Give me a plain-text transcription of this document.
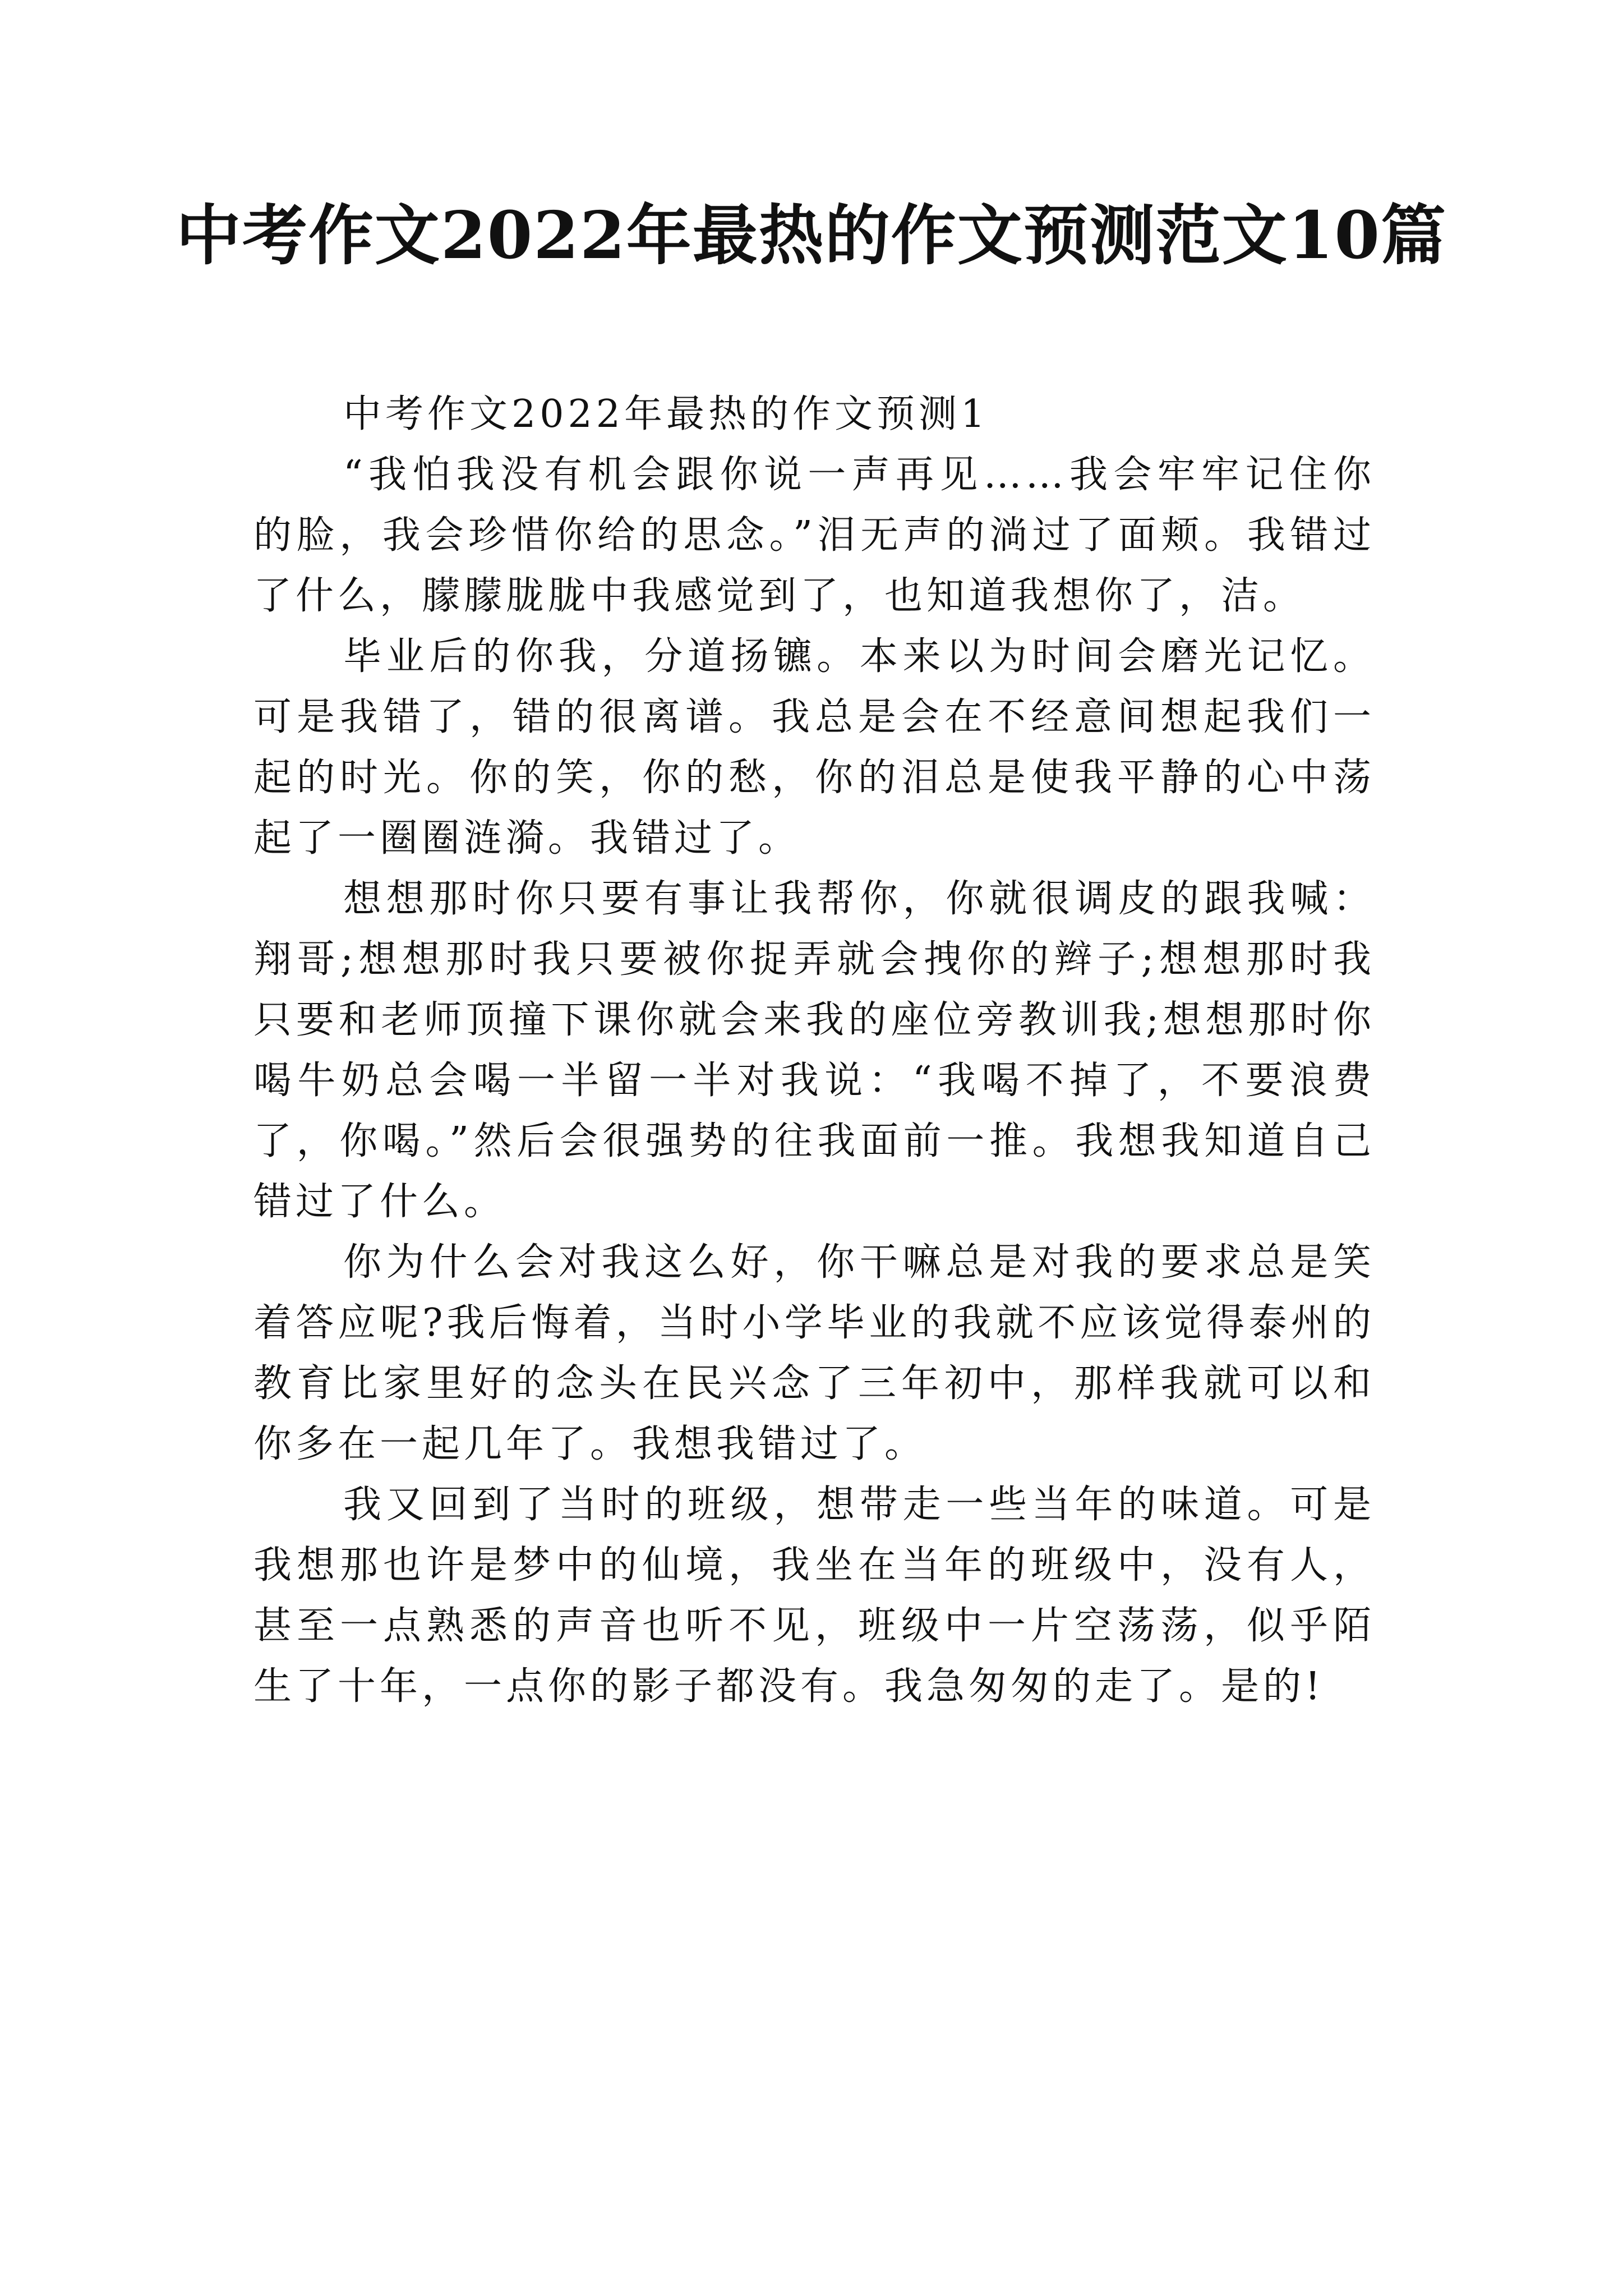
中考作文2022年最热的作文预测范文10篇

中考作文2022年最热的作文预测1

“我怕我没有机会跟你说一声再见……我会牢牢记住你的脸，我会珍惜你给的思念。”泪无声的淌过了面颊。我错过了什么，朦朦胧胧中我感觉到了，也知道我想你了，洁。

毕业后的你我，分道扬镳。本来以为时间会磨光记忆。可是我错了，错的很离谱。我总是会在不经意间想起我们一起的时光。你的笑，你的愁，你的泪总是使我平静的心中荡起了一圈圈涟漪。我错过了。

想想那时你只要有事让我帮你，你就很调皮的跟我喊：翔哥;想想那时我只要被你捉弄就会拽你的辫子;想想那时我只要和老师顶撞下课你就会来我的座位旁教训我;想想那时你喝牛奶总会喝一半留一半对我说：“我喝不掉了，不要浪费了，你喝。”然后会很强势的往我面前一推。我想我知道自己错过了什么。

你为什么会对我这么好，你干嘛总是对我的要求总是笑着答应呢?我后悔着，当时小学毕业的我就不应该觉得泰州的教育比家里好的念头在民兴念了三年初中，那样我就可以和你多在一起几年了。我想我错过了。

我又回到了当时的班级，想带走一些当年的味道。可是我想那也许是梦中的仙境，我坐在当年的班级中，没有人，甚至一点熟悉的声音也听不见，班级中一片空荡荡，似乎陌生了十年，一点你的影子都没有。我急匆匆的走了。是的!
